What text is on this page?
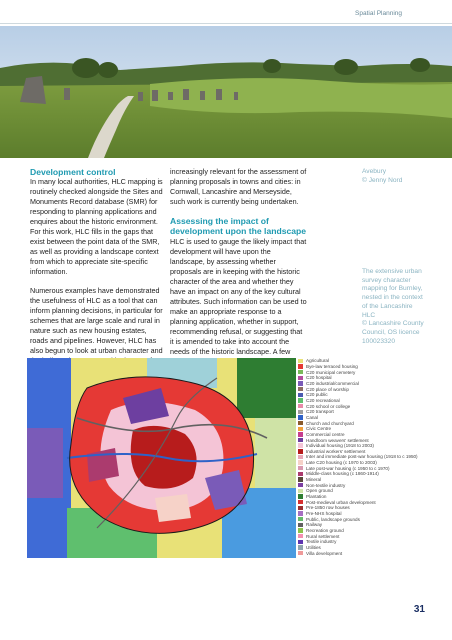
Spatial Planning
Development control

In many local authorities, HLC mapping is routinely checked alongside the Sites and Monuments Record database (SMR) for responding to planning applications and enquires about the historic environment. For this work, HLC fills in the gaps that exist between the point data of the SMR, as well as providing a landscape context from which to appreciate site-specific information.

Numerous examples have demonstrated the usefulness of HLC as a tool that can inform planning decisions, in particular for schemes that are large scale and rural in nature such as new housing estates, roads and pipelines. However, HLC has also begun to look at urban character and

increasingly relevant for the assessment of planning proposals in towns and cities: in Cornwall, Lancashire and Merseyside, such work is currently being undertaken.

Assessing the impact of development upon the landscape

HLC is used to gauge the likely impact that development will have upon the landscape, by assessing whether proposals are in keeping with the historic character of the area and whether they have an impact on any of the key cultural attributes. Such information can be used to make an appropriate response to a planning application, whether in support, recommending refusal, or suggesting that it is amended to take into account the needs of the historic landscape. A few

Avebury
© Jenny Nord
The extensive urban survey character mapping for Burnley, nested in the context of the Lancashire HLC
© Lancashire County Council, OS licence 100023320
Agricultural
Bye-law terraced housing
C20 municipal cemetery
C20 hospital
C20 industrial/commercial
C20 place of worship
C20 public
C20 recreational
C20 school or college
C20 transport
Canal
Church and churchyard
Civic Centre
Commercial centre
Handloom weavers' settlement
Individual housing (1918 to 2003)
Industrial workers' settlement
Inter and immediate post-war housing (1918 to c 1950)
Late C20 housing (c 1970 to 2003)
Late post-war housing (c 1950 to c 1970)
Middle-class housing (c 1860-1914)
Mineral
Non-textile industry
Open ground
Plantation
Post-medieval urban development
Pre-1850 row houses
Pre-NHS hospital
Public, landscape grounds
Railway
Recreation ground
Rural settlement
Textile industry
Utilities
Villa development
31
